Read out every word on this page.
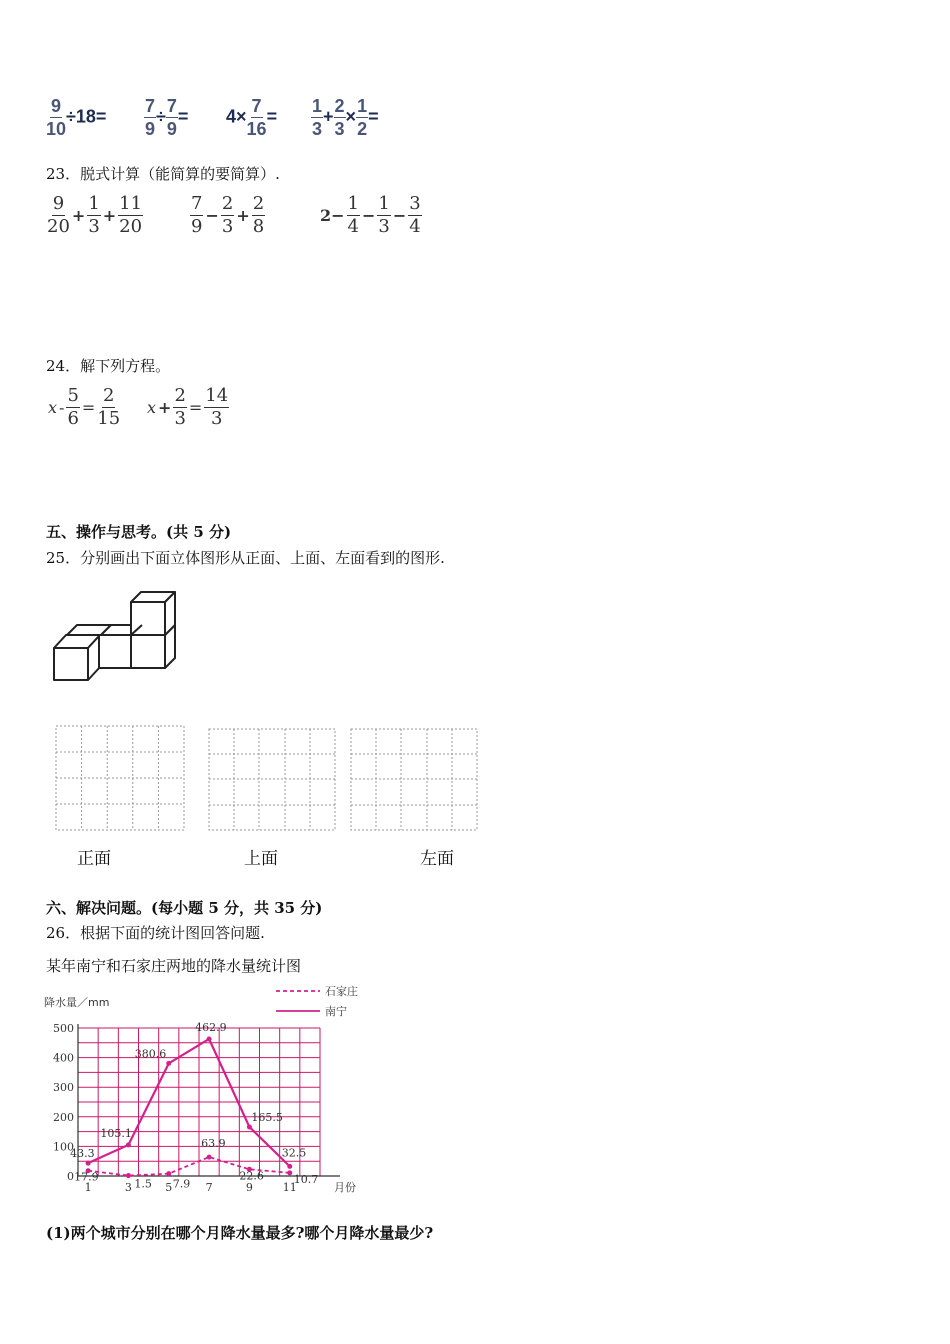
$\frac{9}{10} \div 18= \frac{7}{9} \div \frac{7}{9} = 4\times \frac{7}{16} = \frac{1}{3} + \frac{2}{3} \times \frac{1}{2}$ =
23．脱式计算（能简算的要简算）.
$\frac{9}{20} + \frac{1}{3} + \frac{11}{20}$	$\frac{7}{9} - \frac{2}{3} + \frac{2}{8}$	$2- \frac{1}{4} - \frac{1}{3} - \frac{3}{4}$
24．解下列方程。
$x - \frac{5}{6} = \frac{2}{15}$ $x + \frac{2}{3} = \frac{14}{3}$
五、操作与思考。(共 5 分)
25．分别画出下面立体图形从正面、上面、左面看到的图形.
正面	上面	左面
六、解决问题。(每小题 5 分，共 35 分)
26．根据下面的统计图回答问题.
某年南宁和石家庄两地的降水量统计图
降水量／mm
0
100
200
300
400
500
1	3	5	7	9	11	月份
石家庄
南宁
17.9
1.5 7.9
63.9
22.6	10.7
43.3
105.1
380.6
462.9
165.5
32.5
(1)两个城市分别在哪个月降水量最多?哪个月降水量最少?
